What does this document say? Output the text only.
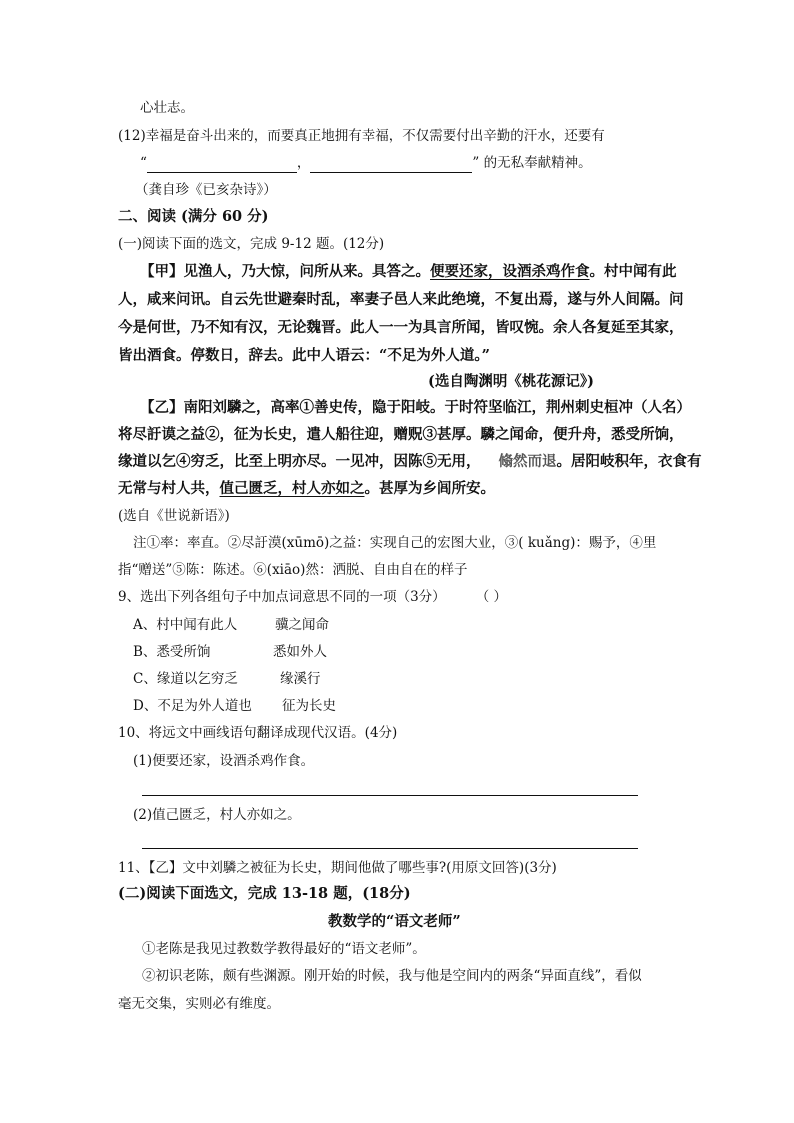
心壮志。
(12)幸福是奋斗出来的，而要真正地拥有幸福，不仅需要付出辛勤的汗水，还要有
“	，	” 的无私奉献精神。
（龚自珍《已亥杂诗》）
二、阅读 (满分 60 分)
(一)阅读下面的选文，完成 9-12 题。(12分)
【甲】见渔人，乃大惊，问所从来。具答之。便要还家，设酒杀鸡作食。村中闻有此
人，咸来问讯。自云先世避秦时乱，率妻子邑人来此绝境，不复出焉，遂与外人间隔。问
今是何世，乃不知有汉，无论魏晋。此人一一为具言所闻，皆叹惋。余人各复延至其家，
皆出酒食。停数日，辞去。此中人语云：“不足为外人道。”
(选自陶渊明《桃花源记》)
【乙】南阳刘驎之，高率①善史传，隐于阳岐。于时符坚临江，荆州刺史桓冲（人名）
将尽訏谟之益②，征为长史，遣人船往迎，赠贶③甚厚。驎之闻命，便升舟，悉受所饷，
缘道以乞④穷乏，比至上明亦尽。一见冲，因陈⑤无用， 翛然而退。居阳岐积年，衣食有
无常与村人共，值己匮乏，村人亦如之。甚厚为乡闾所安。
(选自《世说新语》)
注①率：率直。②尽訏漠(xūmō)之益：实现自己的宏图大业，③( kuǎng)：赐予，④里
指“赠送”⑤陈：陈述。⑥(xiāo)然：洒脱、自由自在的样子
9、选出下列各组句子中加点词意思不同的一项（3分） （ ）
A、村中闻有此人	骥之闻命
B、悉受所饷	悉如外人
C、缘道以乞穷乏	缘溪行
D、不足为外人道也 征为长史
10、将远文中画线语句翻译成现代汉语。(4分)
(1)便要还家，设酒杀鸡作食。
(2)值己匮乏，村人亦如之。
11、【乙】文中刘驎之被征为长史，期间他做了哪些事?(用原文回答)(3分)
(二)阅读下面选文，完成 13-18 题，(18分)
教数学的“语文老师”
①老陈是我见过教数学教得最好的“语文老师”。
②初识老陈，颇有些渊源。刚开始的时候，我与他是空间内的两条“异面直线”，看似
毫无交集，实则必有维度。
